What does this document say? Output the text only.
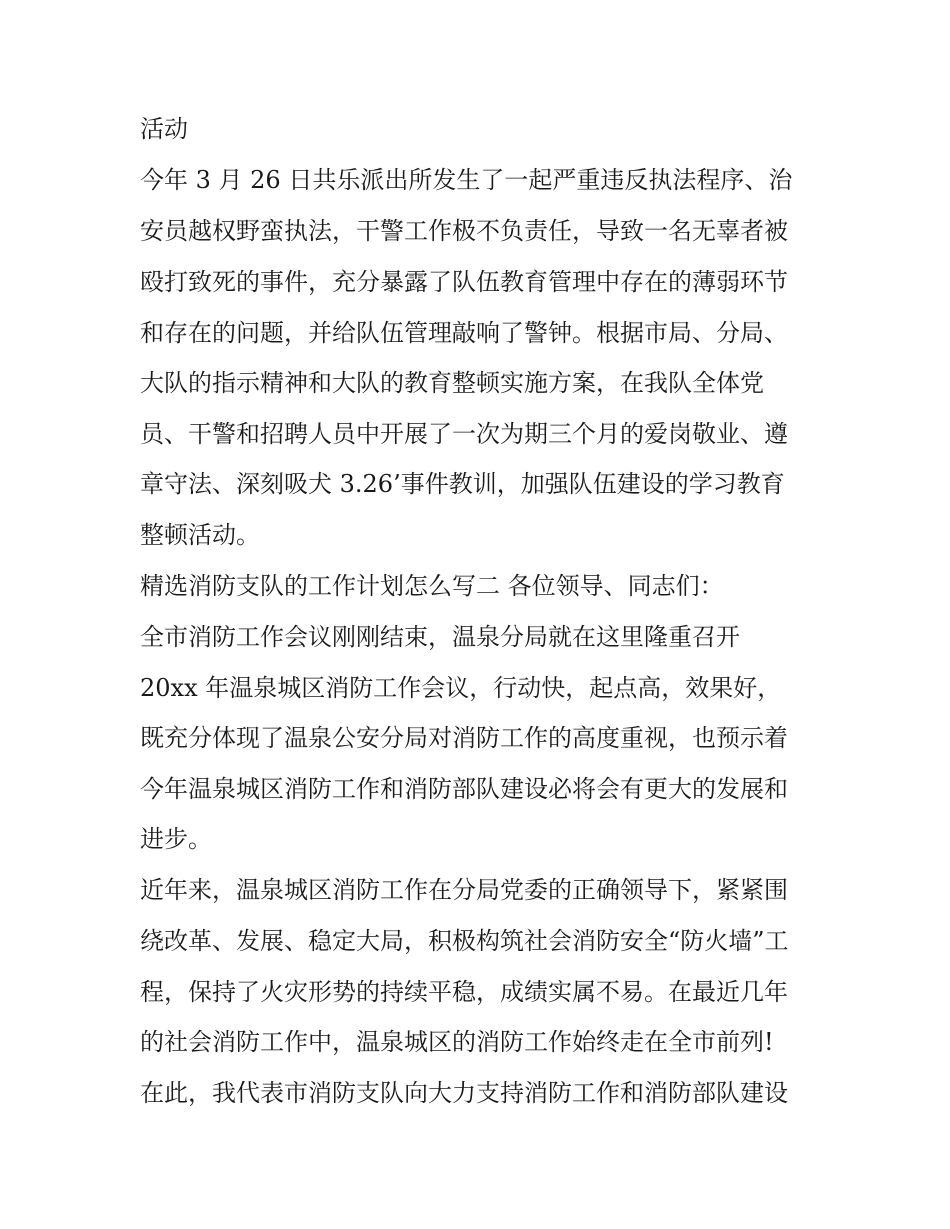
活动
今年 3 月 26 日共乐派出所发生了一起严重违反执法程序、治
安员越权野蛮执法，干警工作极不负责任，导致一名无辜者被
殴打致死的事件，充分暴露了队伍教育管理中存在的薄弱环节
和存在的问题，并给队伍管理敲响了警钟。根据市局、分局、
大队的指示精神和大队的教育整顿实施方案，在我队全体党
员、干警和招聘人员中开展了一次为期三个月的爱岗敬业、遵
章守法、深刻吸犬 3.26’事件教训，加强队伍建设的学习教育
整顿活动。
精选消防支队的工作计划怎么写二 各位领导、同志们：
全市消防工作会议刚刚结束，温泉分局就在这里隆重召开
20xx 年温泉城区消防工作会议，行动快，起点高，效果好，
既充分体现了温泉公安分局对消防工作的高度重视，也预示着
今年温泉城区消防工作和消防部队建设必将会有更大的发展和
进步。
近年来，温泉城区消防工作在分局党委的正确领导下，紧紧围
绕改革、发展、稳定大局，积极构筑社会消防安全“防火墙”工
程，保持了火灾形势的持续平稳，成绩实属不易。在最近几年
的社会消防工作中，温泉城区的消防工作始终走在全市前列!
在此，我代表市消防支队向大力支持消防工作和消防部队建设
